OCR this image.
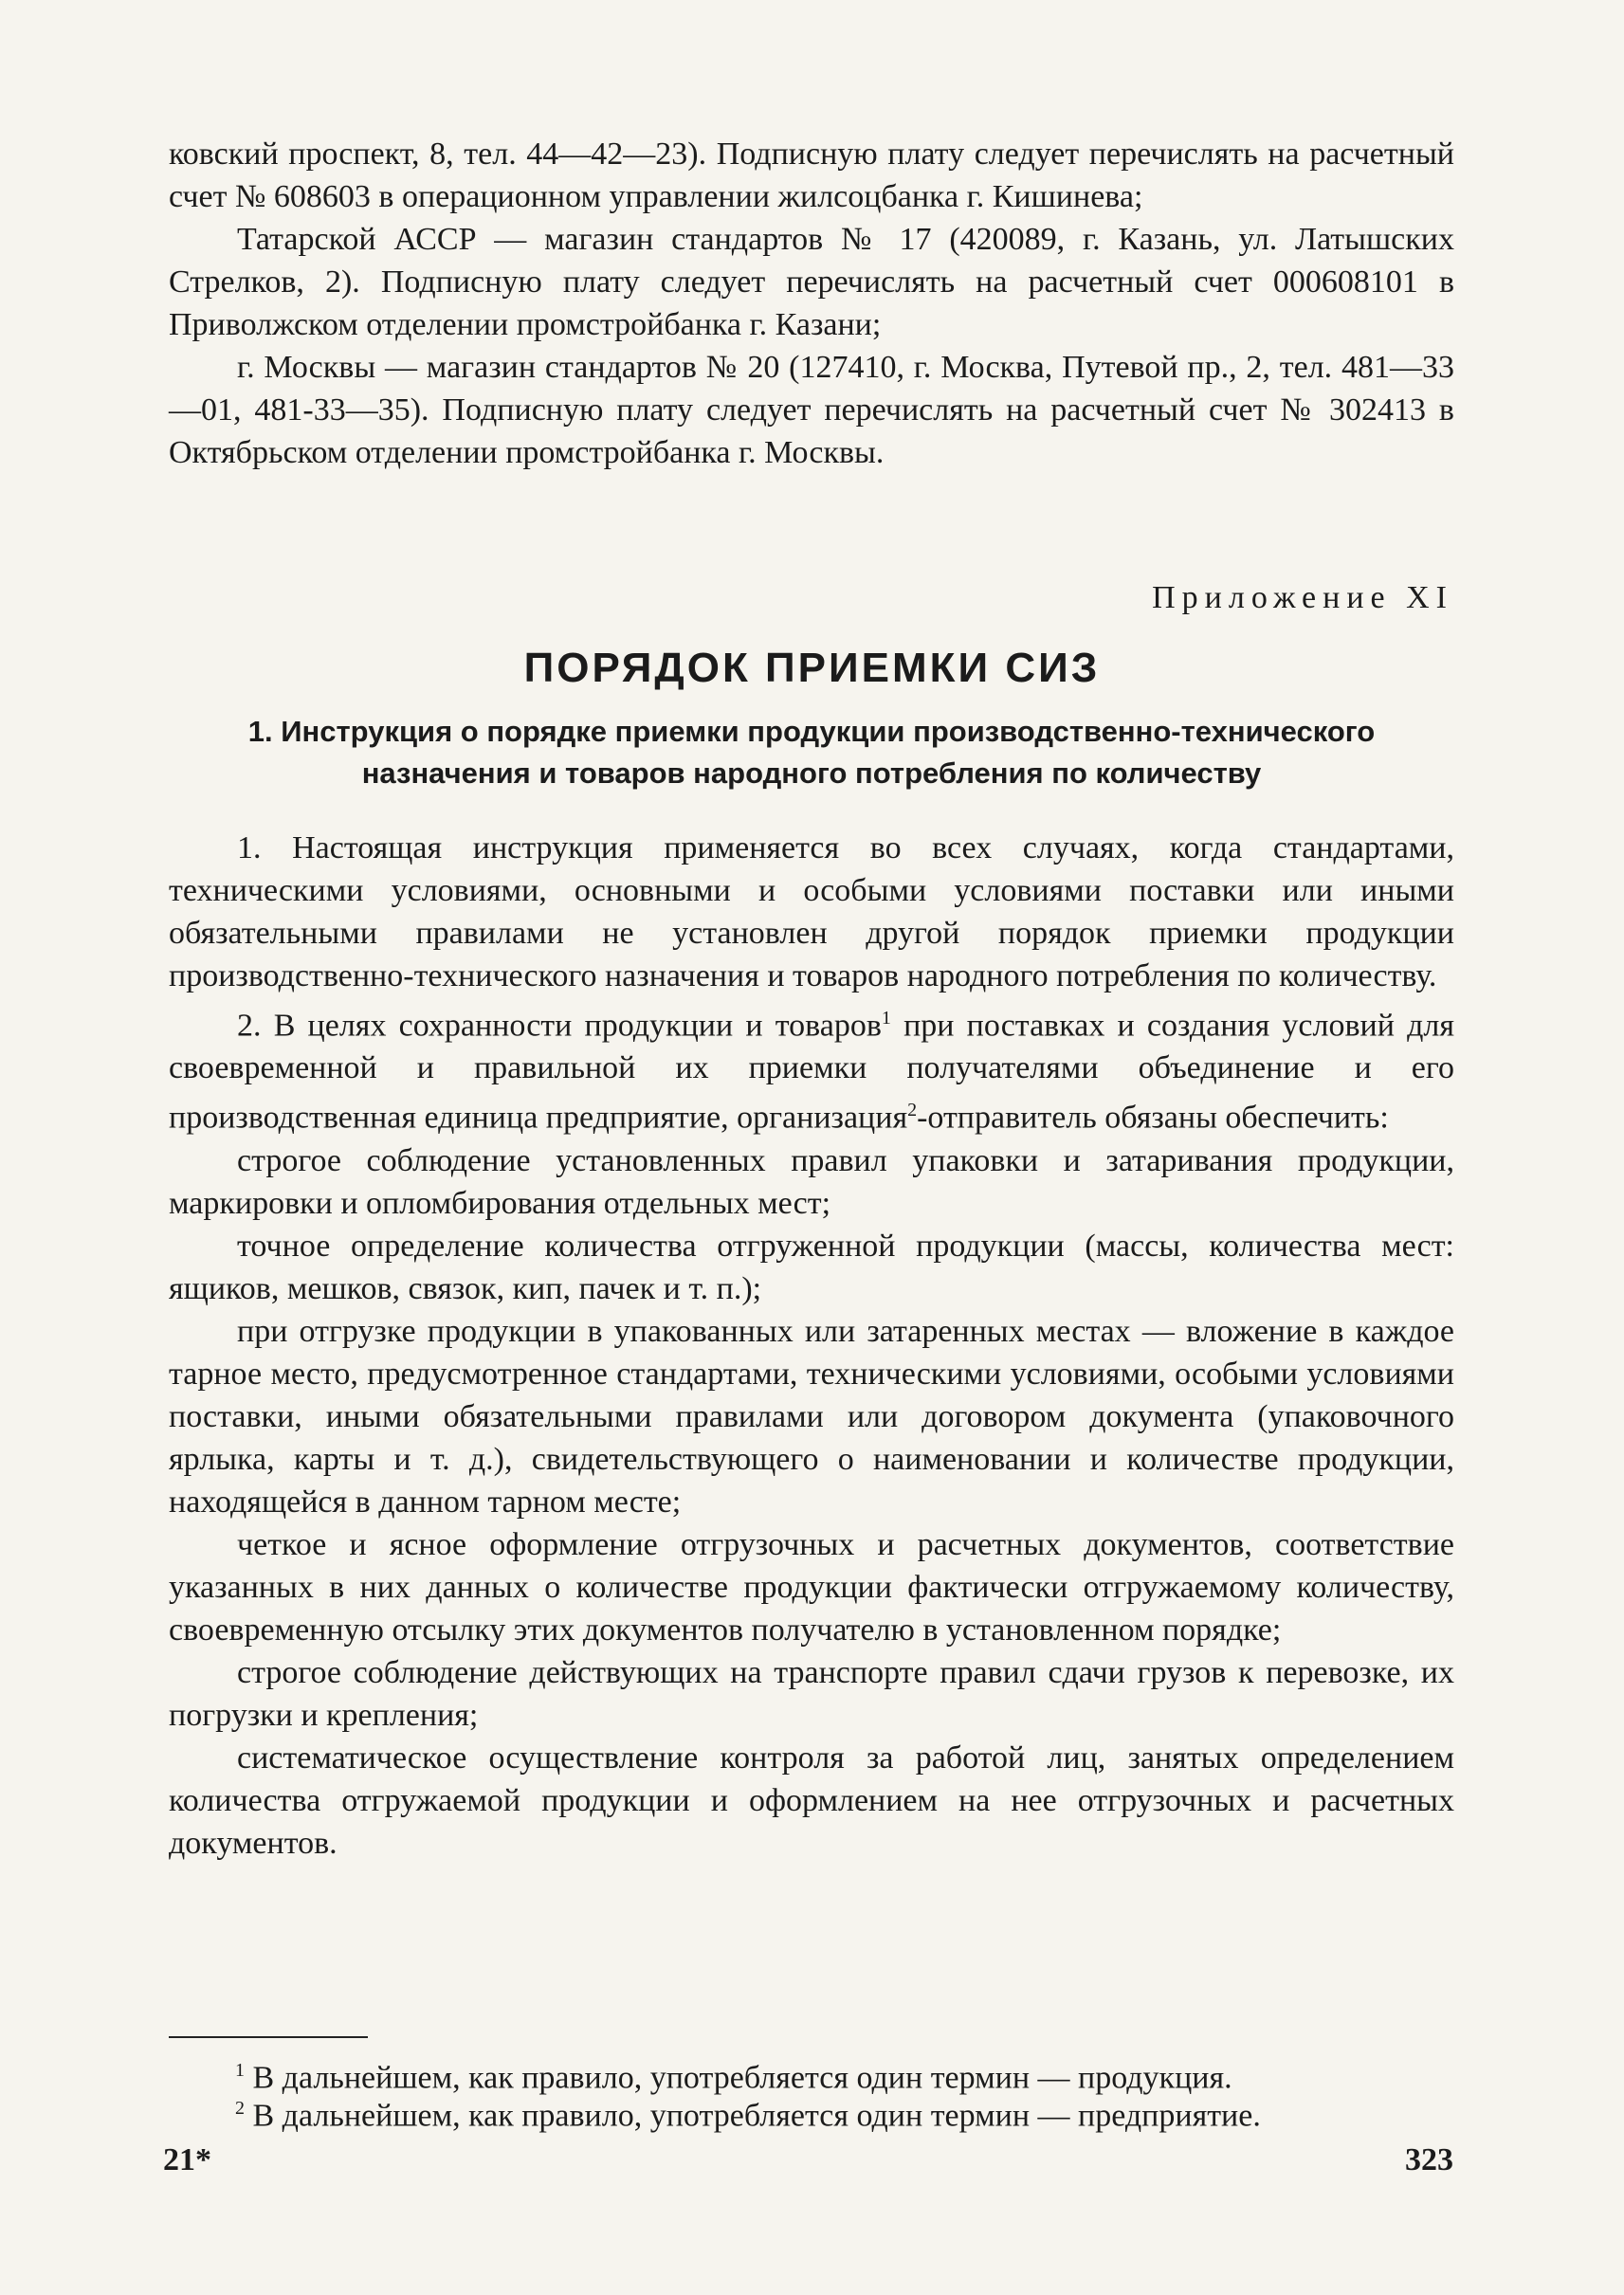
ковский проспект, 8, тел. 44—42—23). Подписную плату следует перечислять на расчетный счет № 608603 в операционном управлении жилсоцбанка г. Кишинева;

Татарской АССР — магазин стандартов № 17 (420089, г. Казань, ул. Латышских Стрелков, 2). Подписную плату следует перечислять на расчетный счет 000608101 в Приволжском отделении промстройбанка г. Казани;

г. Москвы — магазин стандартов № 20 (127410, г. Москва, Путевой пр., 2, тел. 481—33—01, 481-33—35). Подписную плату следует перечислять на расчетный счет № 302413 в Октябрьском отделении промстройбанка г. Москвы.

Приложение XI
ПОРЯДОК ПРИЕМКИ СИЗ
1. Инструкция о порядке приемки продукции производственно-технического назначения и товаров народного потребления по количеству

1. Настоящая инструкция применяется во всех случаях, когда стандартами, техническими условиями, основными и особыми условиями поставки или иными обязательными правилами не установлен другой порядок приемки продукции производственно-технического назначения и товаров народного потребления по количеству.

2. В целях сохранности продукции и товаров$^1$ при поставках и создания условий для своевременной и правильной их приемки получателями объединение и его производственная единица предприятие, организация$^2$-отправитель обязаны обеспечить:

строгое соблюдение установленных правил упаковки и затаривания продукции, маркировки и опломбирования отдельных мест;

точное определение количества отгруженной продукции (массы, количества мест: ящиков, мешков, связок, кип, пачек и т. п.);

при отгрузке продукции в упакованных или затаренных местах — вложение в каждое тарное место, предусмотренное стандартами, техническими условиями, особыми условиями поставки, иными обязательными правилами или договором документа (упаковочного ярлыка, карты и т. д.), свидетельствующего о наименовании и количестве продукции, находящейся в данном тарном месте;

четкое и ясное оформление отгрузочных и расчетных документов, соответствие указанных в них данных о количестве продукции фактически отгружаемому количеству, своевременную отсылку этих документов получателю в установленном порядке;

строгое соблюдение действующих на транспорте правил сдачи грузов к перевозке, их погрузки и крепления;

систематическое осуществление контроля за работой лиц, занятых определением количества отгружаемой продукции и оформлением на нее отгрузочных и расчетных документов.

$^1$ В дальнейшем, как правило, употребляется один термин — продукция.
$^2$ В дальнейшем, как правило, употребляется один термин — предприятие.
21*	323
